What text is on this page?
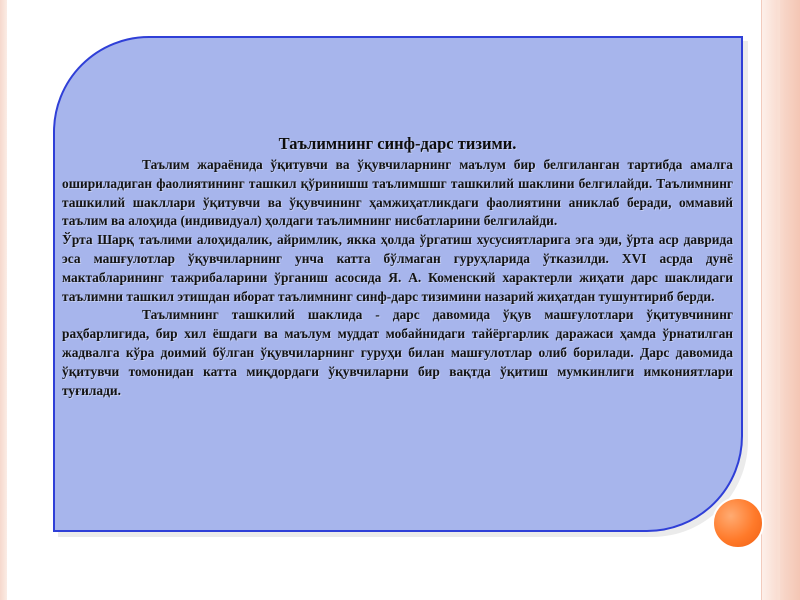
Таълимнинг синф-дарс тизими.

Таълим жараёнида ўқитувчи ва ўқувчиларнинг маълум бир белгиланган тартибда амалга ошириладиган фаолиятининг ташкил қўринишш таълимшшг ташкилий шаклини белгилайди. Таълимнинг ташкилий шакллари ўқитувчи ва ўқувчининг ҳамжиҳатликдаги фаолиятини аниклаб беради, оммавий таълим ва алоҳида (индивидуал) ҳолдаги таълимнинг нисбатларини белгилайди.

Ўрта Шарқ таълими алоҳидалик, айримлик, якка ҳолда ўргатиш хусусиятларига эга эди, ўрта аср даврида эса машғулотлар ўқувчиларнинг унча катта бўлмаган гуруҳларида ўтказилди. XVI асрда дунё мактабларининг тажрибаларини ўрганиш асосида Я. А. Коменский характерли жиҳати дарс шаклидаги таълимни ташкил этишдан иборат таълимнинг синф-дарс тизимини назарий жиҳатдан тушунтириб берди.

Таълимнинг ташкилий шаклида - дарс давомида ўқув машғулотлари ўқитувчининг раҳбарлигида, бир хил ёшдаги ва маълум муддат мобайнидаги тайёргарлик даражаси ҳамда ўрнатилган жадвалга кўра доимий бўлган ўқувчиларнинг гуруҳи билан машғулотлар олиб борилади. Дарс давомида ўқитувчи томонидан катта миқдордаги ўқувчиларни бир вақтда ўқитиш мумкинлиги имкониятлари туғилади.
